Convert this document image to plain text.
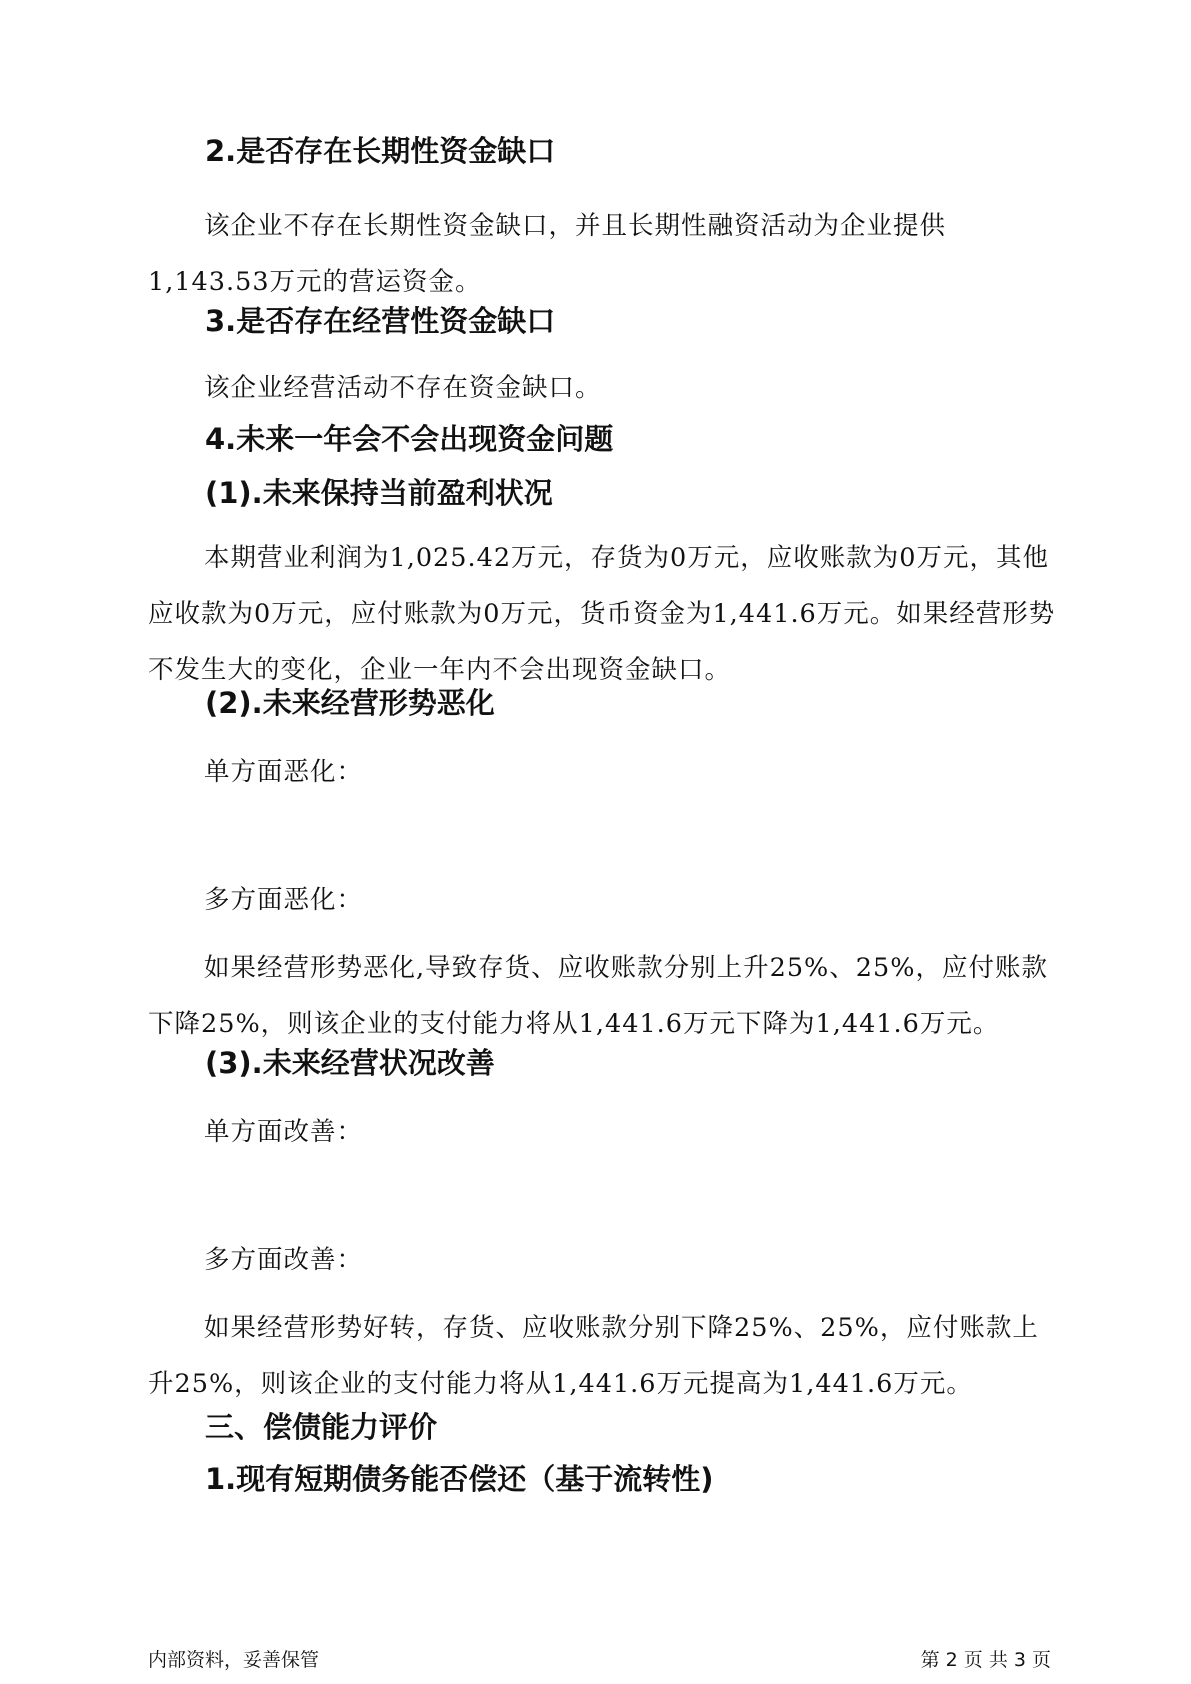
2.是否存在长期性资金缺口
该企业不存在长期性资金缺口，并且长期性融资活动为企业提供1,143.53万元的营运资金。
3.是否存在经营性资金缺口
该企业经营活动不存在资金缺口。
4.未来一年会不会出现资金问题
(1).未来保持当前盈利状况
本期营业利润为1,025.42万元，存货为0万元，应收账款为0万元，其他应收款为0万元，应付账款为0万元，货币资金为1,441.6万元。如果经营形势不发生大的变化，企业一年内不会出现资金缺口。
(2).未来经营形势恶化
单方面恶化：
多方面恶化：
如果经营形势恶化,导致存货、应收账款分别上升25%、25%，应付账款下降25%，则该企业的支付能力将从1,441.6万元下降为1,441.6万元。
(3).未来经营状况改善
单方面改善：
多方面改善：
如果经营形势好转，存货、应收账款分别下降25%、25%，应付账款上升25%，则该企业的支付能力将从1,441.6万元提高为1,441.6万元。
三、偿债能力评价
1.现有短期债务能否偿还（基于流转性)
内部资料，妥善保管	第 2 页 共 3 页
